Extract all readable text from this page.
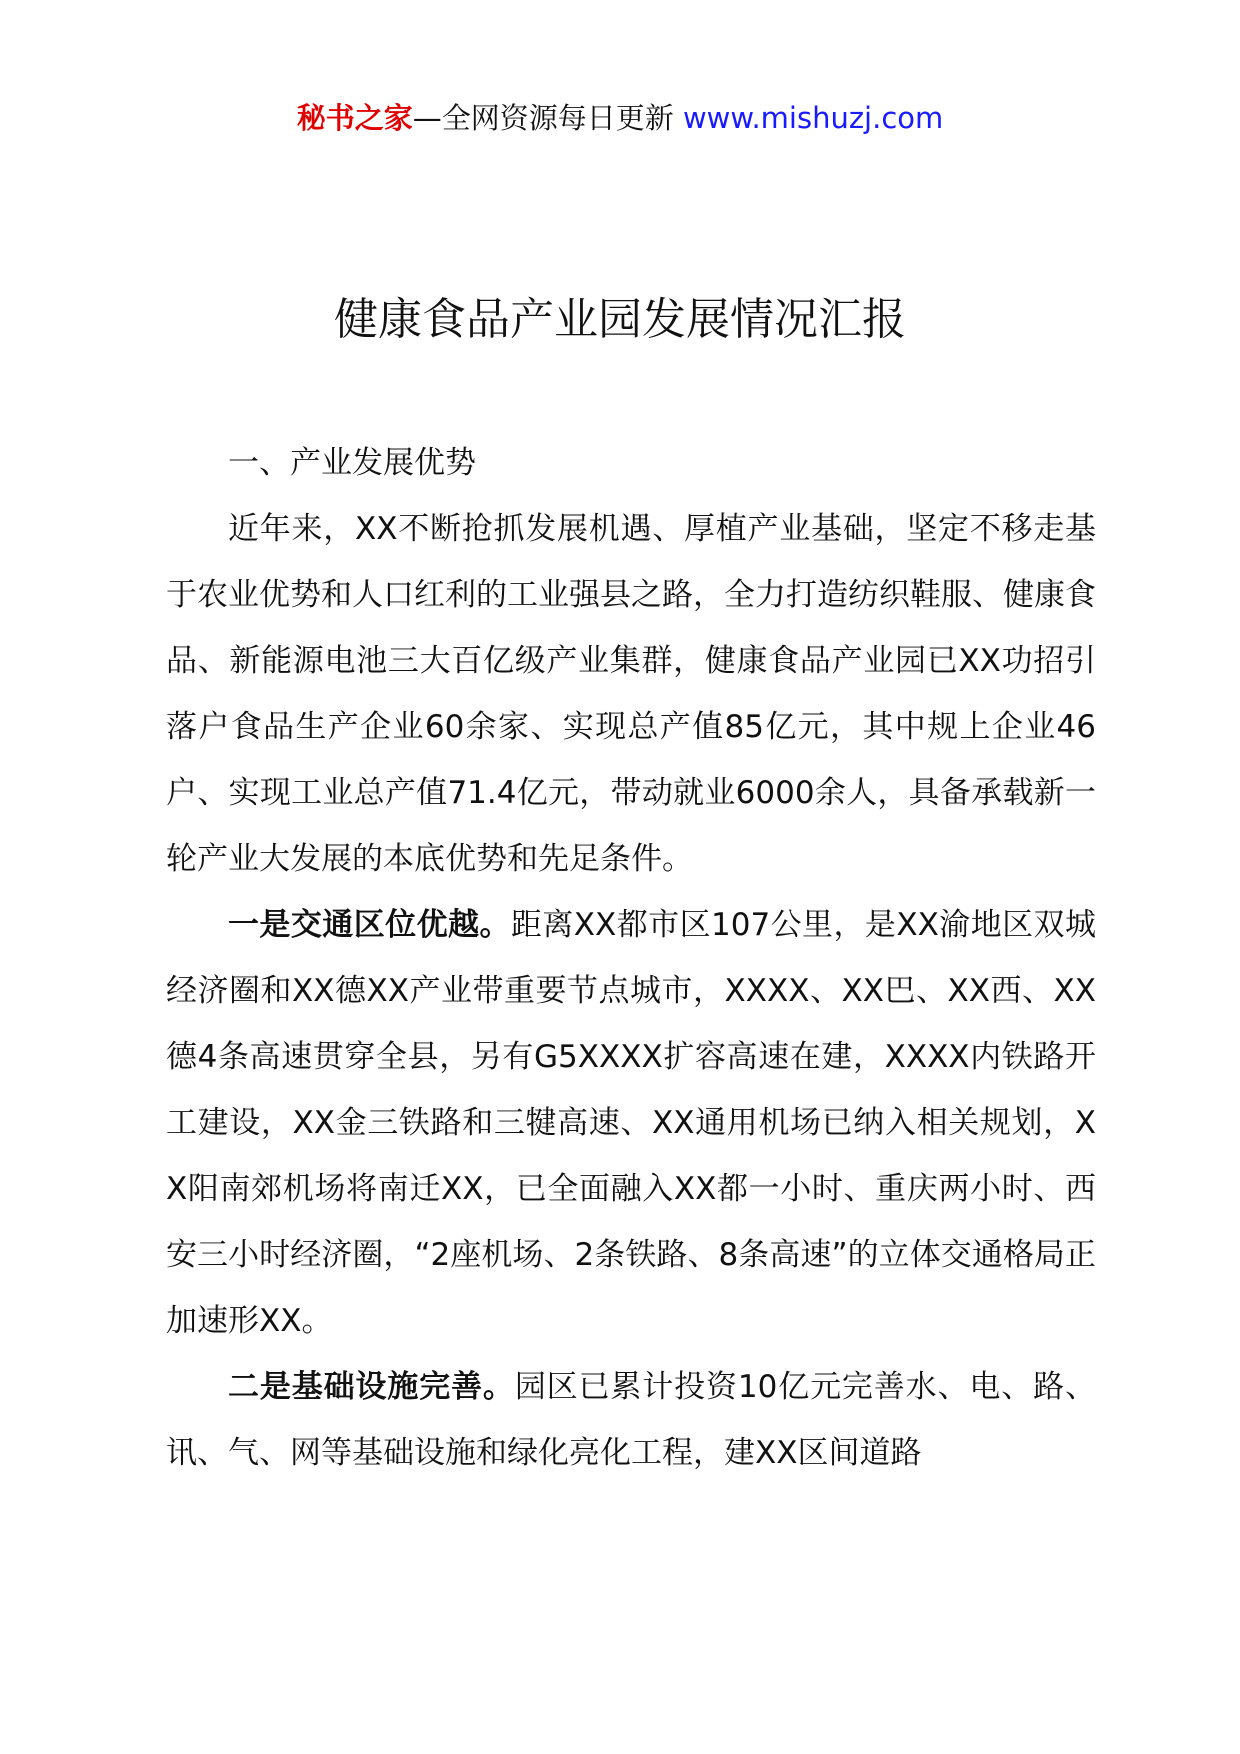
秘书之家—全网资源每日更新 www.mishuzj.com
健康食品产业园发展情况汇报
一、产业发展优势

近年来，XX不断抢抓发展机遇、厚植产业基础，坚定不移走基于农业优势和人口红利的工业强县之路，全力打造纺织鞋服、健康食品、新能源电池三大百亿级产业集群，健康食品产业园已XX功招引落户食品生产企业60余家、实现总产值85亿元，其中规上企业46户、实现工业总产值71.4亿元，带动就业6000余人，具备承载新一轮产业大发展的本底优势和先足条件。

一是交通区位优越。距离XX都市区107公里，是XX渝地区双城经济圈和XX德XX产业带重要节点城市，XXXX、XX巴、XX西、XX德4条高速贯穿全县，另有G5XXXX扩容高速在建，XXXX内铁路开工建设，XX金三铁路和三犍高速、XX通用机场已纳入相关规划，XX阳南郊机场将南迁XX，已全面融入XX都一小时、重庆两小时、西安三小时经济圈，“2座机场、2条铁路、8条高速”的立体交通格局正加速形XX。

二是基础设施完善。园区已累计投资10亿元完善水、电、路、讯、气、网等基础设施和绿化亮化工程，建XX区间道路
